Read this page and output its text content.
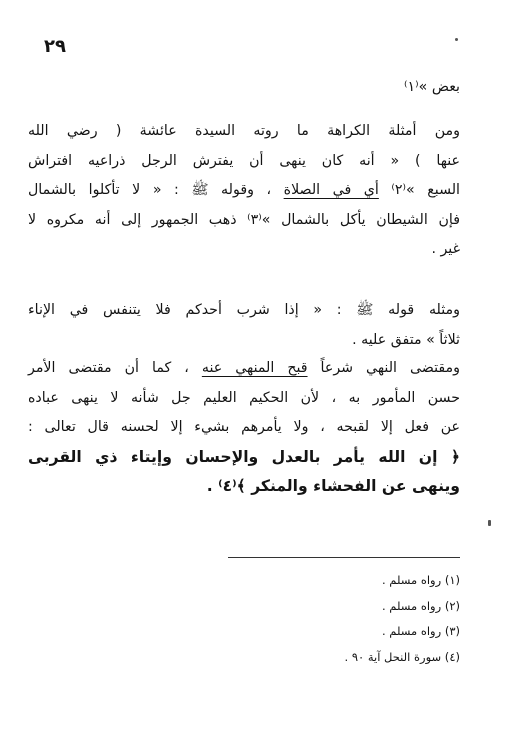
٢٩
بعض »⁽١⁾
ومن أمثلة الكراهة ما روته السيدة عائشة ( رضي الله
عنها ) « أنه كان ينهى أن يفترش الرجل ذراعيه افتراش
السبع »⁽٢⁾ أي في الصلاة ، وقوله ﷺ : « لا تأكلوا بالشمال
فإن الشيطان يأكل بالشمال »⁽٣⁾ ذهب الجمهور إلى أنه مكروه لا
غير .
ومثله قوله ﷺ : « إذا شرب أحدكم فلا يتنفس في الإناء
ثلاثاً » متفق عليه .
ومقتضى النهي شرعاً قبح المنهي عنه ، كما أن مقتضى الأمر
حسن المأمور به ، لأن الحكيم العليم جل شأنه لا ينهى عباده
عن فعل إلا لقبحه ، ولا يأمرهم بشيء إلا لحسنه قال تعالى :
﴿ إن الله يأمر بالعدل والإحسان وإيتاء ذي القربى
وينهى عن الفحشاء والمنكر ﴾⁽٤⁾ .
(١) رواه مسلم .
(٢) رواه مسلم .
(٣) رواه مسلم .
(٤) سورة النحل آية ٩٠ .
